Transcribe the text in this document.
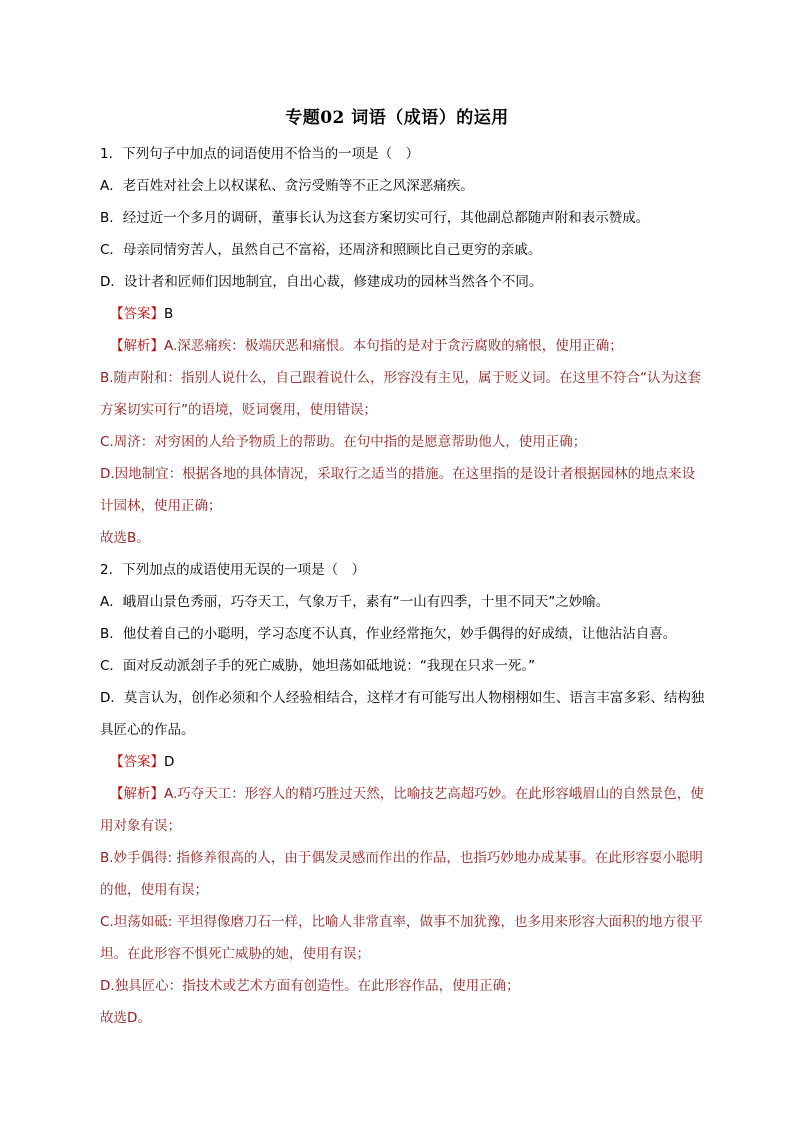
专题02 词语（成语）的运用
1．下列句子中加点的词语使用不恰当的一项是（　）
A．老百姓对社会上以权谋私、贪污受贿等不正之风深恶痛疾。
B．经过近一个多月的调研，董事长认为这套方案切实可行，其他副总都随声附和表示赞成。
C．母亲同情穷苦人，虽然自己不富裕，还周济和照顾比自己更穷的亲戚。
D．设计者和匠师们因地制宜，自出心裁，修建成功的园林当然各个不同。
【答案】B
【解析】A.深恶痛疾：极端厌恶和痛恨。本句指的是对于贪污腐败的痛恨，使用正确；
B.随声附和：指别人说什么，自己跟着说什么，形容没有主见，属于贬义词。在这里不符合“认为这套
方案切实可行”的语境，贬词褒用，使用错误；
C.周济：对穷困的人给予物质上的帮助。在句中指的是愿意帮助他人，使用正确；
D.因地制宜：根据各地的具体情况，采取行之适当的措施。在这里指的是设计者根据园林的地点来设
计园林，使用正确；
故选B。
2．下列加点的成语使用无误的一项是（　）
A．峨眉山景色秀丽，巧夺天工，气象万千，素有“一山有四季，十里不同天”之妙喻。
B．他仗着自己的小聪明，学习态度不认真，作业经常拖欠，妙手偶得的好成绩，让他沾沾自喜。
C．面对反动派刽子手的死亡威胁，她坦荡如砥地说：“我现在只求一死。”
D．莫言认为，创作必须和个人经验相结合，这样才有可能写出人物栩栩如生、语言丰富多彩、结构独
具匠心的作品。
【答案】D
【解析】A.巧夺天工：形容人的精巧胜过天然，比喻技艺高超巧妙。在此形容峨眉山的自然景色，使
用对象有误；
B.妙手偶得: 指修养很高的人，由于偶发灵感而作出的作品，也指巧妙地办成某事。在此形容耍小聪明
的他，使用有误；
C.坦荡如砥: 平坦得像磨刀石一样，比喻人非常直率，做事不加犹豫，也多用来形容大面积的地方很平
坦。在此形容不惧死亡威胁的她，使用有误；
D.独具匠心：指技术或艺术方面有创造性。在此形容作品，使用正确；
故选D。
